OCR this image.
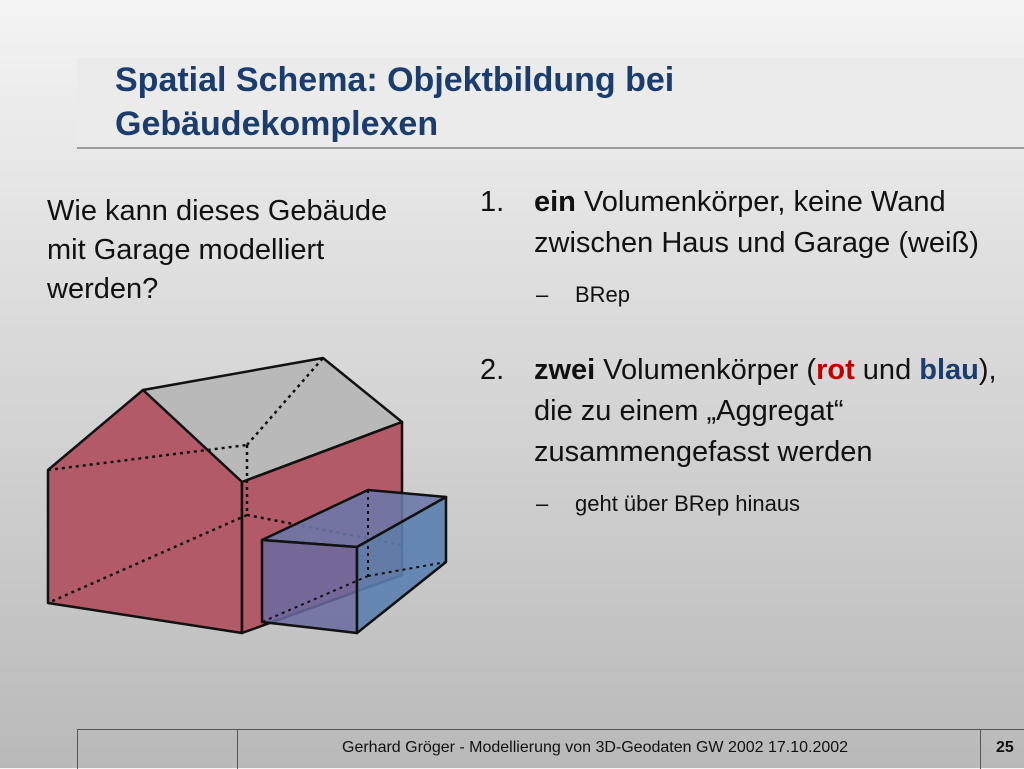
Spatial Schema: Objektbildung bei Gebäudekomplexen
Wie kann dieses Gebäude mit Garage modelliert werden?
1. ein Volumenkörper, keine Wand zwischen Haus und Garage (weiß)
– BRep
2. zwei Volumenkörper (rot und blau), die zu einem „Aggregat“ zusammengefasst werden
– geht über BRep hinaus
Gerhard Gröger - Modellierung von 3D-Geodaten GW 2002 17.10.2002	25
